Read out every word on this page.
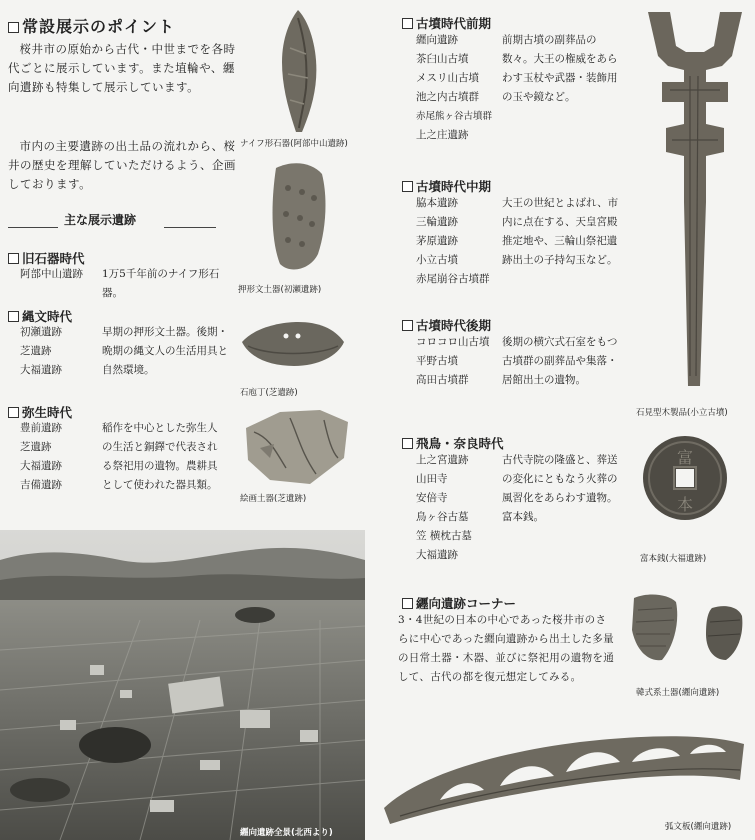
常設展示のポイント
桜井市の原始から古代・中世までを各時代ごとに展示しています。また埴輪や、纒向遺跡も特集して展示しています。
市内の主要遺跡の出土品の流れから、桜井の歴史を理解していただけるよう、企画しております。
主な展示遺跡
旧石器時代
阿部中山遺跡 1万5千年前のナイフ形石器。
縄文時代
初瀬遺跡
芝遺跡
大福遺跡
早期の押形文土器。後期・晩期の縄文人の生活用具と自然環境。
弥生時代
豊前遺跡
芝遺跡
大福遺跡
吉備遺跡
稲作を中心とした弥生人の生活と銅鐸で代表される祭祀用の遺物。農耕具として使われた器具類。
ナイフ形石器(阿部中山遺跡)
押形文土器(初瀬遺跡)
石庖丁(芝遺跡)
絵画土器(芝遺跡)
纒向遺跡全景(北西より)
古墳時代前期
纒向遺跡
茶臼山古墳
メスリ山古墳
池之内古墳群
赤尾熊ヶ谷古墳群
上之庄遺跡
前期古墳の副葬品の数々。大王の権威をあらわす玉杖や武器・装飾用の玉や鏡など。
古墳時代中期
脇本遺跡
三輪遺跡
茅原遺跡
小立古墳
赤尾崩谷古墳群
大王の世紀とよばれ、市内に点在する、天皇宮殿推定地や、三輪山祭祀遺跡出土の子持勾玉など。
古墳時代後期
コロコロ山古墳
平野古墳
高田古墳群
後期の横穴式石室をもつ古墳群の副葬品や集落・居館出土の遺物。
飛鳥・奈良時代
上之宮遺跡
山田寺
安倍寺
鳥ヶ谷古墓
笠 横枕古墓
大福遺跡
古代寺院の隆盛と、葬送の変化にともなう火葬の風習化をあらわす遺物。富本銭。
纒向遺跡コーナー
3・4世紀の日本の中心であった桜井市のさらに中心であった纒向遺跡から出土した多量の日常土器・木器、並びに祭祀用の遺物を通して、古代の都を復元想定してみる。
石見型木製品(小立古墳)
富
本
富本銭(大福遺跡)
韓式系土器(纒向遺跡)
弧文板(纒向遺跡)
